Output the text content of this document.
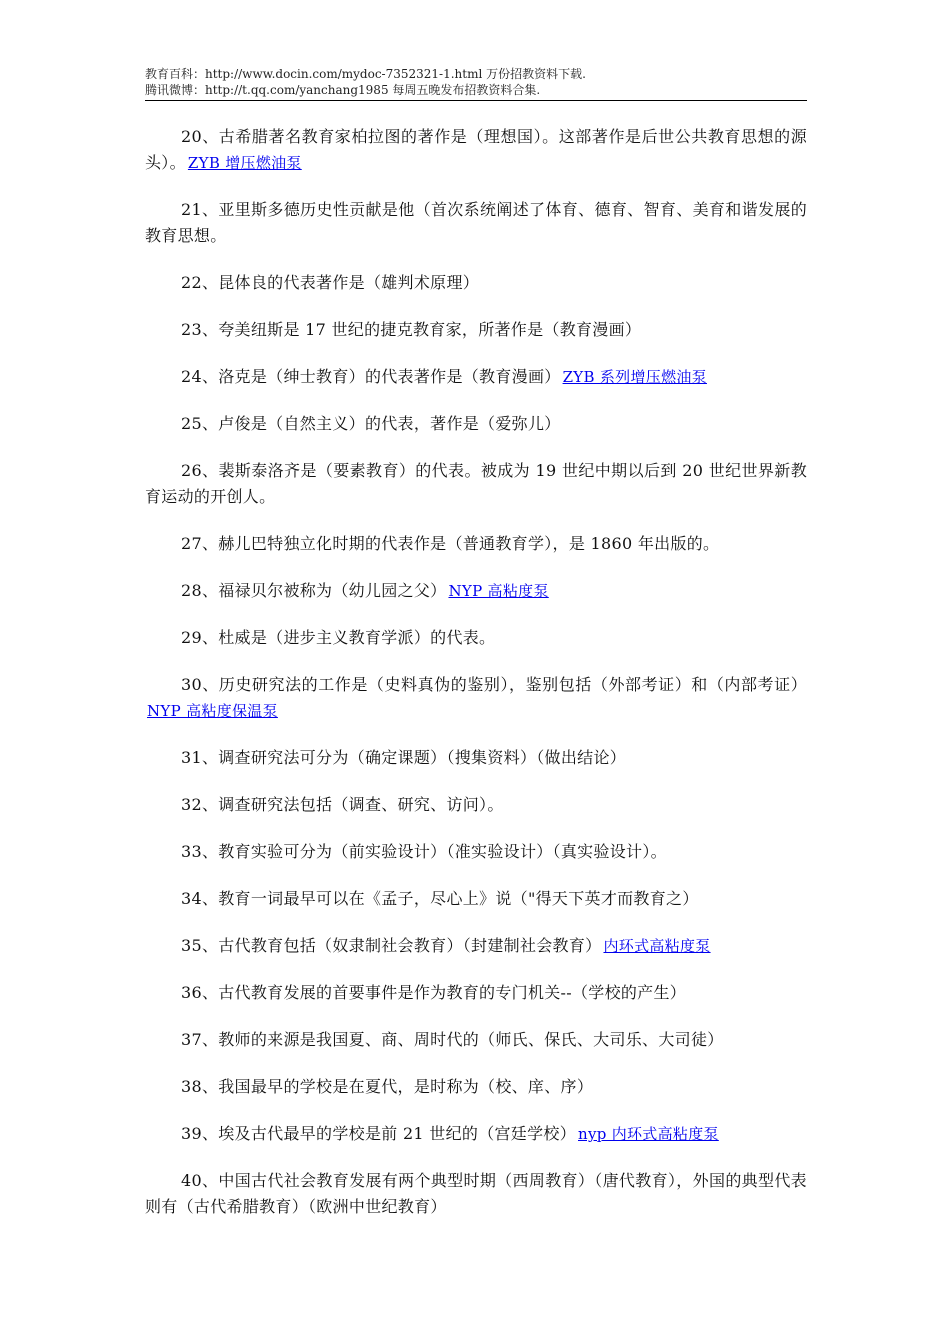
教育百科：http://www.docin.com/mydoc-7352321-1.html 万份招教资料下载.
腾讯微博：http://t.qq.com/yanchang1985 每周五晚发布招教资料合集.

20、古希腊著名教育家柏拉图的著作是（理想国）。这部著作是后世公共教育思想的源头）。 ZYB 增压燃油泵

21、亚里斯多德历史性贡献是他（首次系统阐述了体育、德育、智育、美育和谐发展的教育思想。

22、昆体良的代表著作是（雄判术原理）

23、夸美纽斯是 17 世纪的捷克教育家，所著作是（教育漫画）

24、洛克是（绅士教育）的代表著作是（教育漫画） ZYB 系列增压燃油泵

25、卢俊是（自然主义）的代表，著作是（爱弥儿）

26、裴斯泰洛齐是（要素教育）的代表。被成为 19 世纪中期以后到 20 世纪世界新教育运动的开创人。

27、赫儿巴特独立化时期的代表作是（普通教育学），是 1860 年出版的。

28、福禄贝尔被称为（幼儿园之父） NYP 高粘度泵

29、杜威是（进步主义教育学派）的代表。

30、历史研究法的工作是（史料真伪的鉴别），鉴别包括（外部考证）和（内部考证）NYP 高粘度保温泵

31、调查研究法可分为（确定课题）（搜集资料）（做出结论）

32、调查研究法包括（调查、研究、访问）。

33、教育实验可分为（前实验设计）（准实验设计）（真实验设计）。

34、教育一词最早可以在《孟子，尽心上》说（"得天下英才而教育之）

35、古代教育包括（奴隶制社会教育）（封建制社会教育） 内环式高粘度泵

36、古代教育发展的首要事件是作为教育的专门机关--（学校的产生）

37、教师的来源是我国夏、商、周时代的（师氏、保氏、大司乐、大司徒）

38、我国最早的学校是在夏代，是时称为（校、庠、序）

39、埃及古代最早的学校是前 21 世纪的（宫廷学校） nyp 内环式高粘度泵

40、中国古代社会教育发展有两个典型时期（西周教育）（唐代教育），外国的典型代表则有（古代希腊教育）（欧洲中世纪教育）
